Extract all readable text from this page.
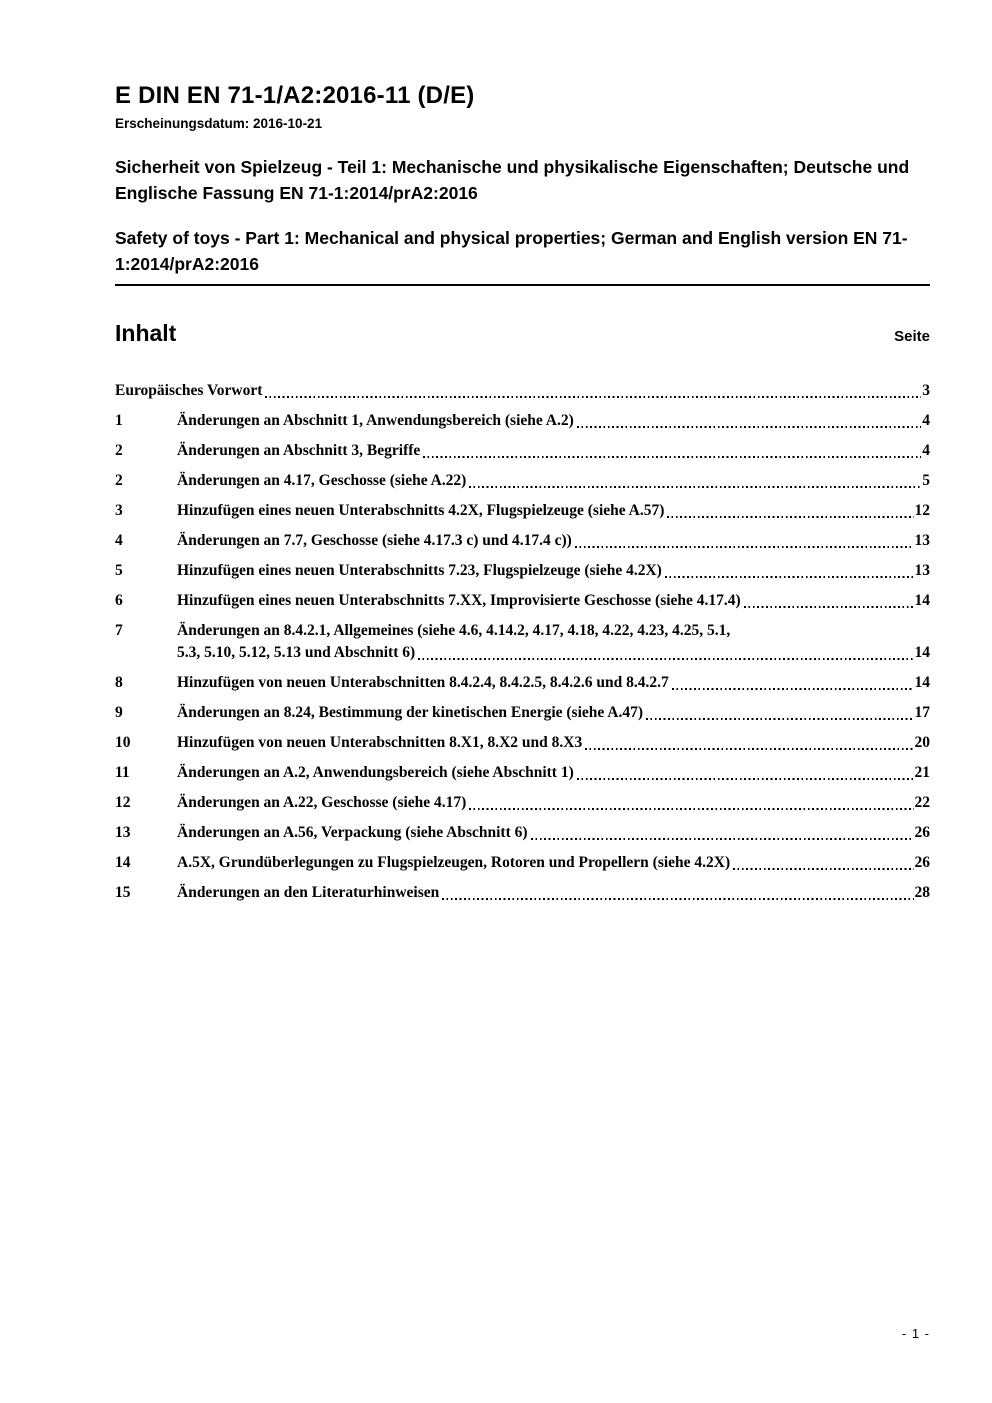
E DIN EN 71-1/A2:2016-11 (D/E)

Erscheinungsdatum: 2016-10-21

Sicherheit von Spielzeug - Teil 1: Mechanische und physikalische Eigenschaften; Deutsche und Englische Fassung EN 71-1:2014/prA2:2016

Safety of toys - Part 1: Mechanical and physical properties; German and English version EN 71-1:2014/prA2:2016

Inhalt	Seite
Europäisches Vorwort	3
1	Änderungen an Abschnitt 1, Anwendungsbereich (siehe A.2)	4
2	Änderungen an Abschnitt 3, Begriffe	4
2	Änderungen an 4.17, Geschosse (siehe A.22)	5
3	Hinzufügen eines neuen Unterabschnitts 4.2X, Flugspielzeuge (siehe A.57)	12
4	Änderungen an 7.7, Geschosse (siehe 4.17.3 c) und 4.17.4 c))	13
5	Hinzufügen eines neuen Unterabschnitts 7.23, Flugspielzeuge (siehe 4.2X)	13
6	Hinzufügen eines neuen Unterabschnitts 7.XX, Improvisierte Geschosse (siehe 4.17.4)	14
7	Änderungen an 8.4.2.1, Allgemeines (siehe 4.6, 4.14.2, 4.17, 4.18, 4.22, 4.23, 4.25, 5.1,
5.3, 5.10, 5.12, 5.13 und Abschnitt 6)	14
8	Hinzufügen von neuen Unterabschnitten 8.4.2.4, 8.4.2.5, 8.4.2.6 und 8.4.2.7	14
9	Änderungen an 8.24, Bestimmung der kinetischen Energie (siehe A.47)	17
10	Hinzufügen von neuen Unterabschnitten 8.X1, 8.X2 und 8.X3	20
11	Änderungen an A.2, Anwendungsbereich (siehe Abschnitt 1)	21
12	Änderungen an A.22, Geschosse (siehe 4.17)	22
13	Änderungen an A.56, Verpackung (siehe Abschnitt 6)	26
14	A.5X, Grundüberlegungen zu Flugspielzeugen, Rotoren und Propellern (siehe 4.2X)	26
15	Änderungen an den Literaturhinweisen	28
- 1 -
